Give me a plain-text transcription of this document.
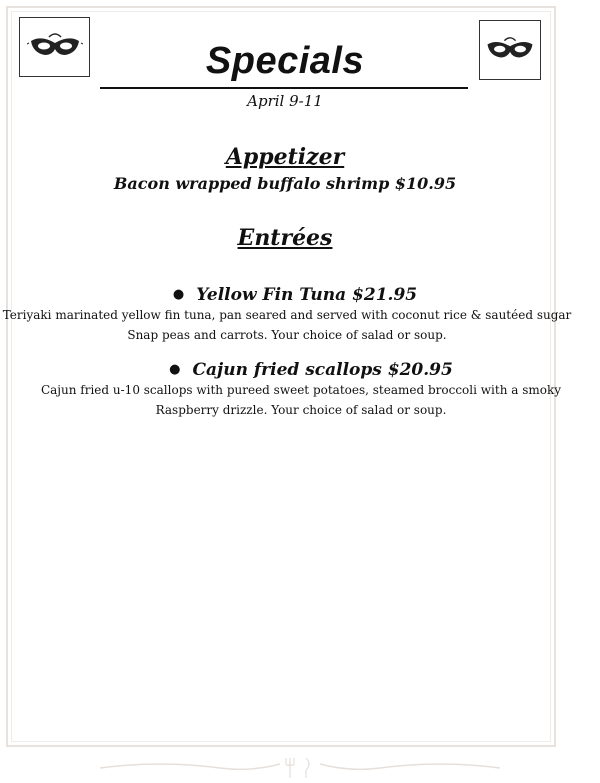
Specials
April 9-11
Appetizer
Bacon wrapped buffalo shrimp $10.95
Entrées
● Yellow Fin Tuna $21.95
Teriyaki marinated yellow fin tuna, pan seared and served with coconut rice & sautéed sugar
Snap peas and carrots. Your choice of salad or soup.
● Cajun fried scallops $20.95
Cajun fried u-10 scallops with pureed sweet potatoes, steamed broccoli with a smoky
Raspberry drizzle. Your choice of salad or soup.
